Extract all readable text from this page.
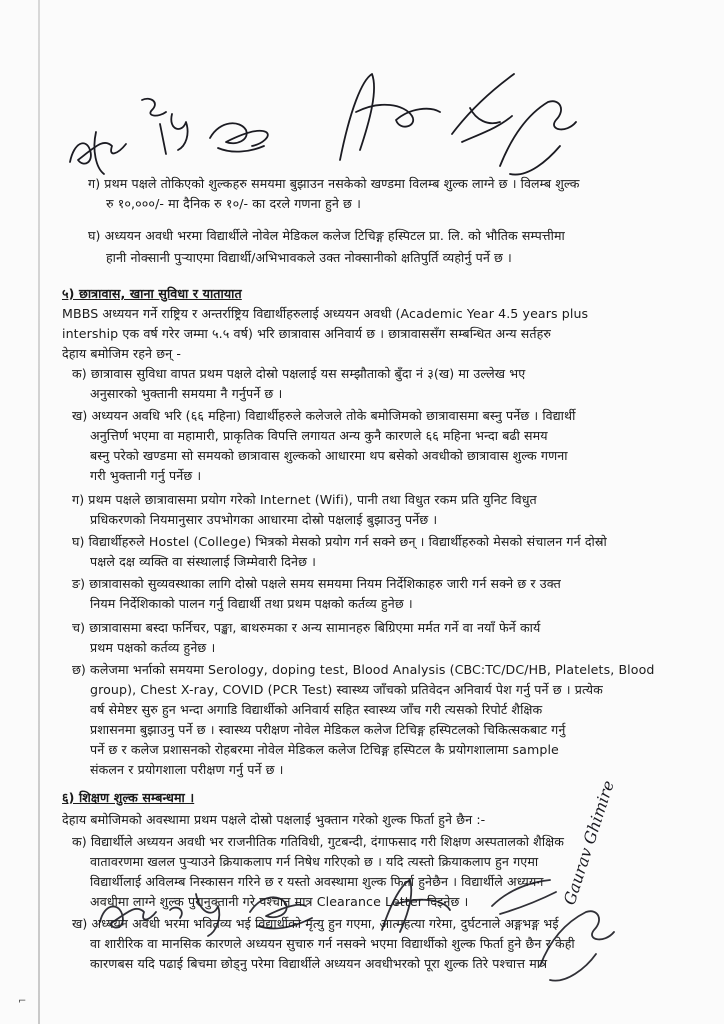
ग) प्रथम पक्षले तोकिएको शुल्कहरु समयमा बुझाउन नसकेको खण्डमा विलम्ब शुल्क लाग्ने छ । विलम्ब शुल्क
रु १०,०००/- मा दैनिक रु १०/- का दरले गणना हुने छ ।
घ) अध्ययन अवधी भरमा विद्यार्थीले नोवेल मेडिकल कलेज टिचिङ्ग हस्पिटल प्रा. लि. को भौतिक सम्पत्तीमा
हानी नोक्सानी पुऱ्याएमा विद्यार्थी/अभिभावकले उक्त नोक्सानीको क्षतिपुर्ति व्यहोर्नु पर्ने छ ।
५) छात्रावास, खाना सुविधा र यातायात
MBBS अध्ययन गर्ने राष्ट्रिय र अन्तर्राष्ट्रिय विद्यार्थीहरुलाई अध्ययन अवधी (Academic Year 4.5 years plus
intership एक वर्ष गरेर जम्मा ५.५ वर्ष) भरि छात्रावास अनिवार्य छ । छात्रावाससँग सम्बन्धित अन्य सर्तहरु
देहाय बमोजिम रहने छन् -
क) छात्रावास सुविधा वापत प्रथम पक्षले दोस्रो पक्षलाई यस सम्झौताको बुँदा नं ३(ख) मा उल्लेख भए
अनुसारको भुक्तानी समयमा नै गर्नुपर्ने छ ।
ख) अध्ययन अवधि भरि (६६ महिना) विद्यार्थीहरुले कलेजले तोके बमोजिमको छात्रावासमा बस्नु पर्नेछ । विद्यार्थी
अनुत्तिर्ण भएमा वा महामारी, प्राकृतिक विपत्ति लगायत अन्य कुनै कारणले ६६ महिना भन्दा बढी समय
बस्नु परेको खण्डमा सो समयको छात्रावास शुल्कको आधारमा थप बसेको अवधीको छात्रावास शुल्क गणना
गरी भुक्तानी गर्नु पर्नेछ ।
ग) प्रथम पक्षले छात्रावासमा प्रयोग गरेको Internet (Wifi), पानी तथा विधुत रकम प्रति युनिट विधुत
प्रधिकरणको नियमानुसार उपभोगका आधारमा दोस्रो पक्षलाई बुझाउनु पर्नेछ ।
घ) विद्यार्थीहरुले Hostel (College) भित्रको मेसको प्रयोग गर्न सक्ने छन् । विद्यार्थीहरुको मेसको संचालन गर्न दोस्रो
पक्षले दक्ष व्यक्ति वा संस्थालाई जिम्मेवारी दिनेछ ।
ङ) छात्रावासको सुव्यवस्थाका लागि दोस्रो पक्षले समय समयमा नियम निर्देशिकाहरु जारी गर्न सक्ने छ र उक्त
नियम निर्देशिकाको पालन गर्नु विद्यार्थी तथा प्रथम पक्षको कर्तव्य हुनेछ ।
च) छात्रावासमा बस्दा फर्निचर, पङ्खा, बाथरुमका र अन्य सामानहरु बिग्रिएमा मर्मत गर्ने वा नयाँ फेर्ने कार्य
प्रथम पक्षको कर्तव्य हुनेछ ।
छ) कलेजमा भर्नाको समयमा Serology, doping test, Blood Analysis (CBC:TC/DC/HB, Platelets, Blood
group), Chest X-ray, COVID (PCR Test) स्वास्थ्य जाँचको प्रतिवेदन अनिवार्य पेश गर्नु पर्ने छ । प्रत्येक
वर्ष सेमेष्टर सुरु हुन भन्दा अगाडि विद्यार्थीको अनिवार्य सहित स्वास्थ्य जाँच गरी त्यसको रिपोर्ट शैक्षिक
प्रशासनमा बुझाउनु पर्ने छ । स्वास्थ्य परीक्षण नोवेल मेडिकल कलेज टिचिङ्ग हस्पिटलको चिकित्सकबाट गर्नु
पर्ने छ र कलेज प्रशासनको रोहबरमा नोवेल मेडिकल कलेज टिचिङ्ग हस्पिटल कै प्रयोगशालामा sample
संकलन र प्रयोगशाला परीक्षण गर्नु पर्ने छ ।
६) शिक्षण शुल्क सम्बन्धमा ।
देहाय बमोजिमको अवस्थामा प्रथम पक्षले दोस्रो पक्षलाई भुक्तान गरेको शुल्क फिर्ता हुने छैन :-
क) विद्यार्थीले अध्ययन अवधी भर राजनीतिक गतिविधी, गुटबन्दी, दंगाफसाद गरी शिक्षण अस्पतालको शैक्षिक
वातावरणमा खलल पुऱ्याउने क्रियाकलाप गर्न निषेध गरिएको छ । यदि त्यस्तो क्रियाकलाप हुन गएमा
विद्यार्थीलाई अविलम्ब निस्कासन गरिने छ र यस्तो अवस्थामा शुल्क फिर्ता हुनेछैन । विद्यार्थीले अध्ययन
अवधीमा लाग्ने शुल्क पुरानुक्तानी गरे पश्चात मात्र Clearance Letter दिइनेछ ।
ख) अध्ययन अवधी भरमा भवितव्य भई विद्यार्थीको मृत्यु हुन गएमा, आत्महत्या गरेमा, दुर्घटनाले अङ्गभङ्ग भई
वा शारीरिक वा मानसिक कारणले अध्ययन सुचारु गर्न नसक्ने भएमा विद्यार्थीको शुल्क फिर्ता हुने छैन र केही
कारणबस यदि पढाई बिचमा छोड्नु परेमा विद्यार्थीले अध्ययन अवधीभरको पूरा शुल्क तिरे पश्चात्त मात्र
Gaurav Ghimire
⌐
